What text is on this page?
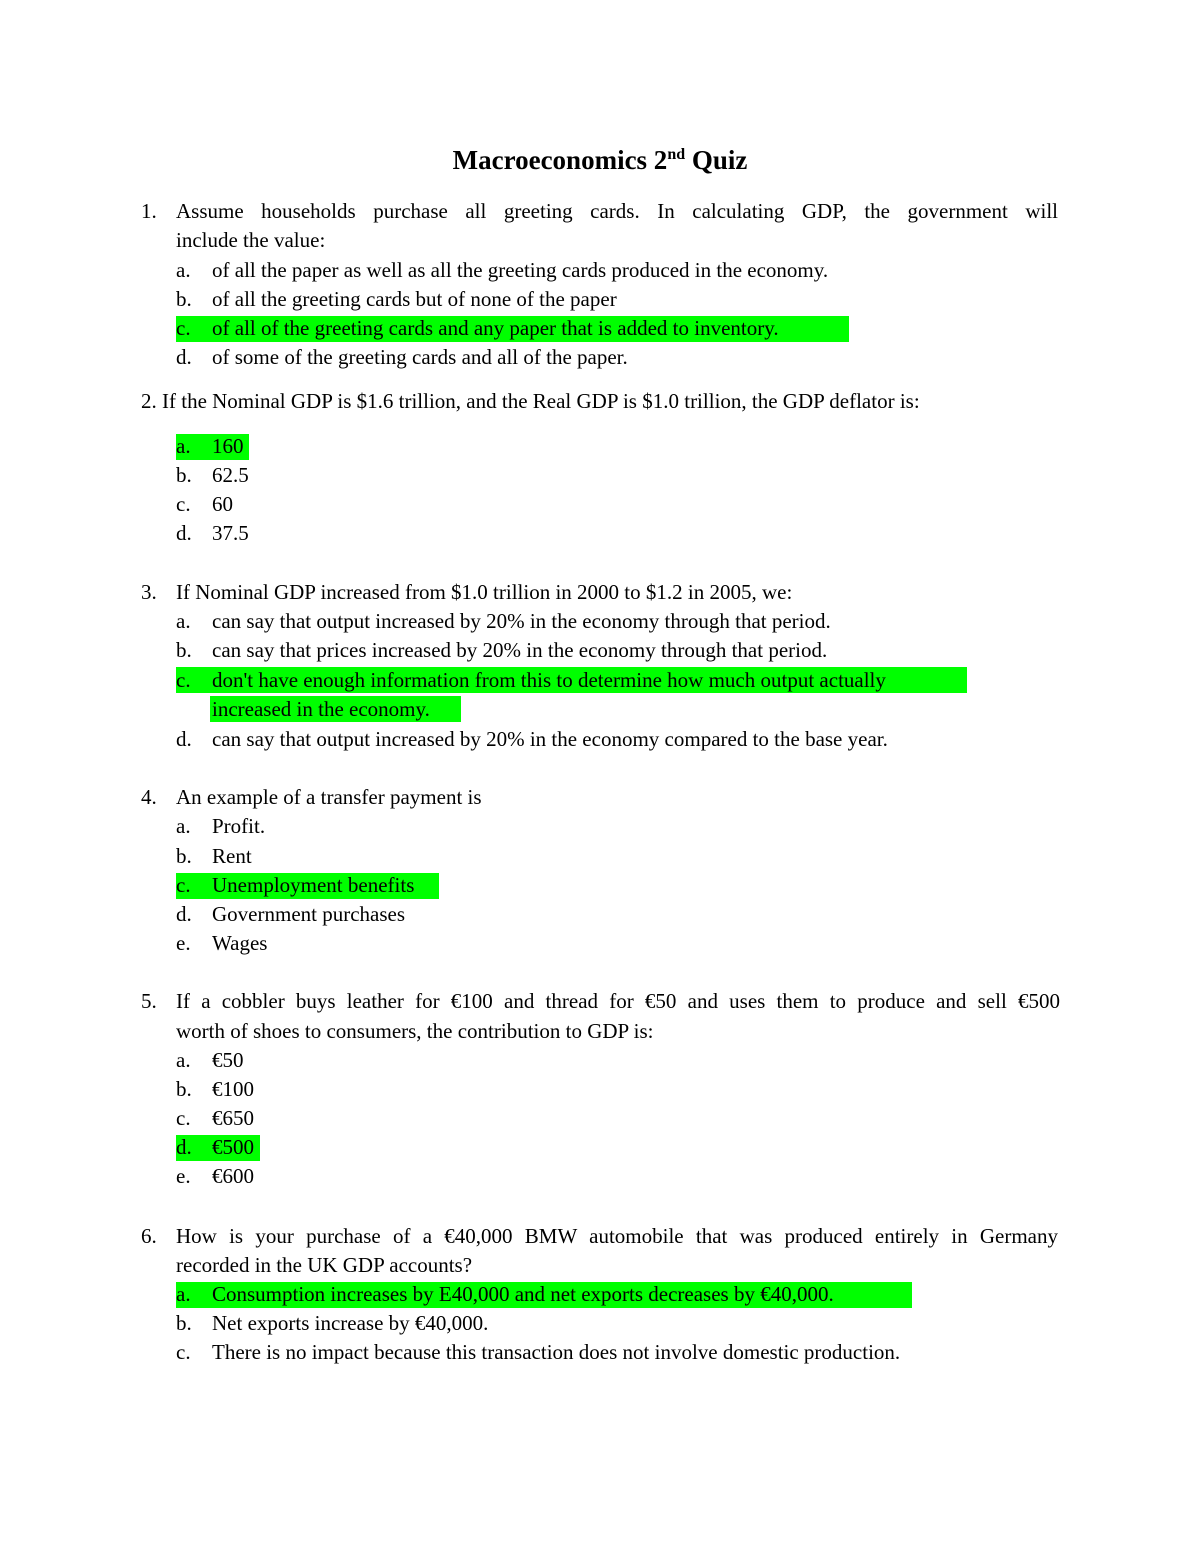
Macroeconomics 2nd Quiz
1. Assume households purchase all greeting cards. In calculating GDP, the government will
include the value:
a. of all the paper as well as all the greeting cards produced in the economy.
b. of all the greeting cards but of none of the paper
c. of all of the greeting cards and any paper that is added to inventory.
d. of some of the greeting cards and all of the paper.
2. If the Nominal GDP is $1.6 trillion, and the Real GDP is $1.0 trillion, the GDP deflator is:
a. 160
b. 62.5
c. 60
d. 37.5
3. If Nominal GDP increased from $1.0 trillion in 2000 to $1.2 in 2005, we:
a. can say that output increased by 20% in the economy through that period.
b. can say that prices increased by 20% in the economy through that period.
c. don't have enough information from this to determine how much output actually
increased in the economy.
d. can say that output increased by 20% in the economy compared to the base year.
4. An example of a transfer payment is
a. Profit.
b. Rent
c. Unemployment benefits
d. Government purchases
e. Wages
5. If a cobbler buys leather for €100 and thread for €50 and uses them to produce and sell €500
worth of shoes to consumers, the contribution to GDP is:
a. €50
b. €100
c. €650
d. €500
e. €600
6. How is your purchase of a €40,000 BMW automobile that was produced entirely in Germany
recorded in the UK GDP accounts?
a. Consumption increases by E40,000 and net exports decreases by €40,000.
b. Net exports increase by €40,000.
c. There is no impact because this transaction does not involve domestic production.
